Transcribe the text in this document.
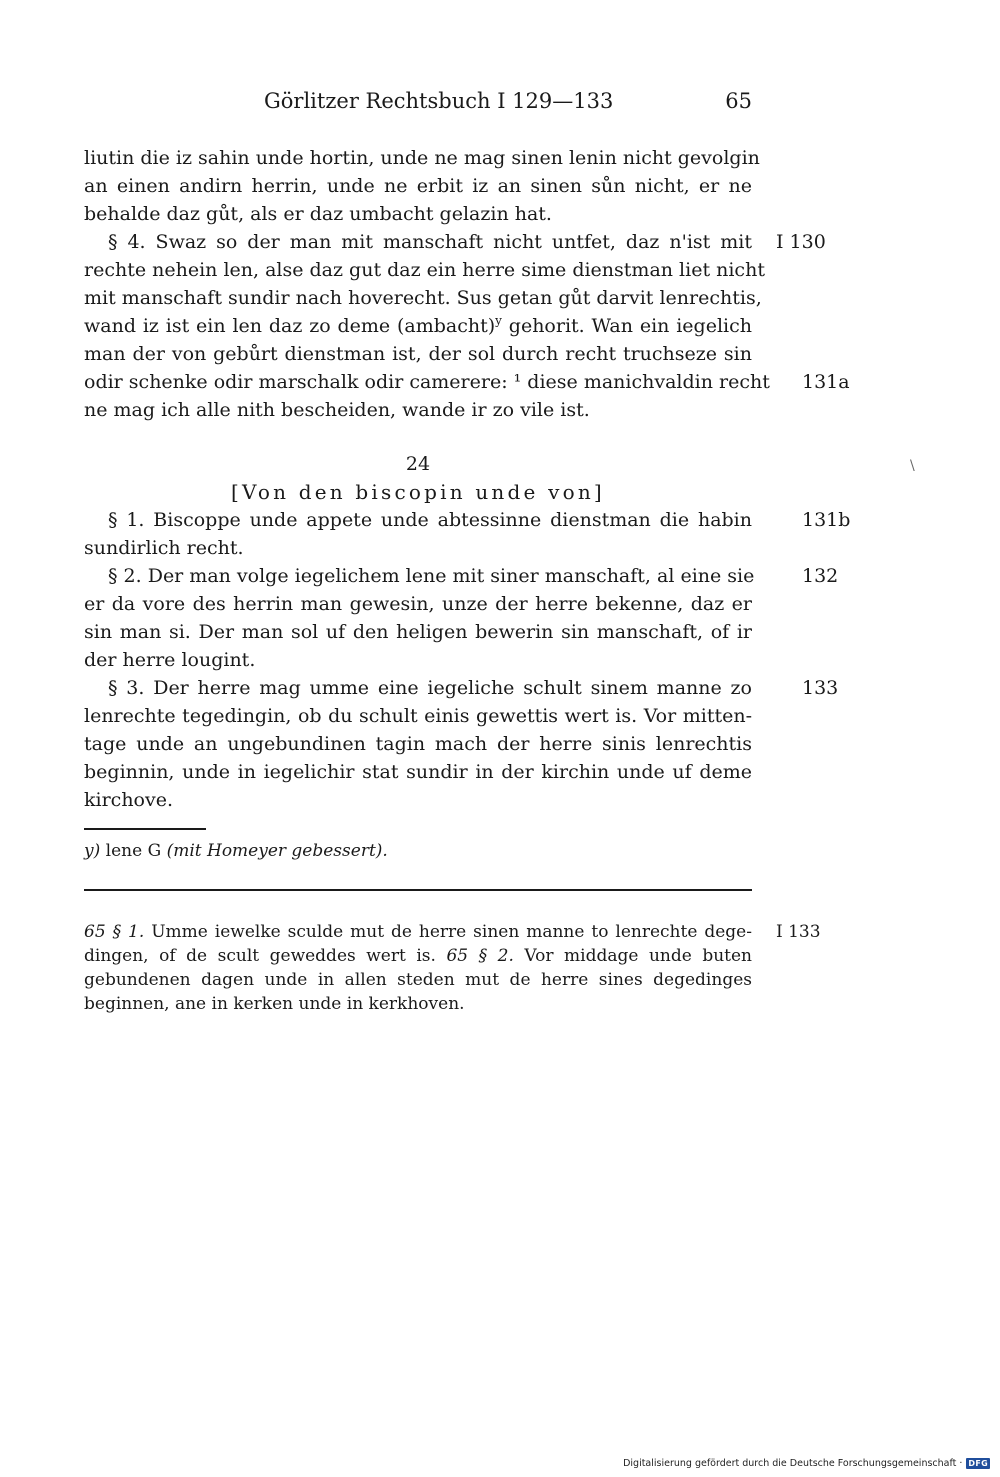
Görlitzer Rechtsbuch I 129—133	65
liutin die iz sahin unde hortin, unde ne mag sinen lenin nicht gevolgin
an einen andirn herrin, unde ne erbit iz an sinen sůn nicht, er ne
behalde daz gůt, als er daz umbacht gelazin hat.
§ 4. Swaz so der man mit manschaft nicht untfet, daz n'ist mit I 130
rechte nehein len, alse daz gut daz ein herre sime dienstman liet nicht
mit manschaft sundir nach hoverecht. Sus getan gůt darvit lenrechtis,
wand iz ist ein len daz zo deme (ambacht)$^y$ gehorit. Wan ein iegelich
man der von gebůrt dienstman ist, der sol durch recht truchseze sin
odir schenke odir marschalk odir camerere: ¹ diese manichvaldin recht 131a
ne mag ich alle nith bescheiden, wande ir zo vile ist.
\
24
[Von den biscopin unde von]
§ 1. Biscoppe unde appete unde abtessinne dienstman die habin	131b
sundirlich recht.
§ 2. Der man volge iegelichem lene mit siner manschaft, al eine sie	132
er da vore des herrin man gewesin, unze der herre bekenne, daz er
sin man si. Der man sol uf den heligen bewerin sin manschaft, of ir
der herre lougint.
§ 3. Der herre mag umme eine iegeliche schult sinem manne zo	133
lenrechte tegedingin, ob du schult einis gewettis wert is. Vor mitten-
tage unde an ungebundinen tagin mach der herre sinis lenrechtis
beginnin, unde in iegelichir stat sundir in der kirchin unde uf deme
kirchove.
y) lene G (mit Homeyer gebessert).
65 § 1. Umme iewelke sculde mut de herre sinen manne to lenrechte dege- I 133
dingen, of de scult geweddes wert is. 65 § 2. Vor middage unde buten
gebundenen dagen unde in allen steden mut de herre sines degedinges
beginnen, ane in kerken unde in kerkhoven.
Digitalisierung gefördert durch die Deutsche Forschungsgemeinschaft · DFG
